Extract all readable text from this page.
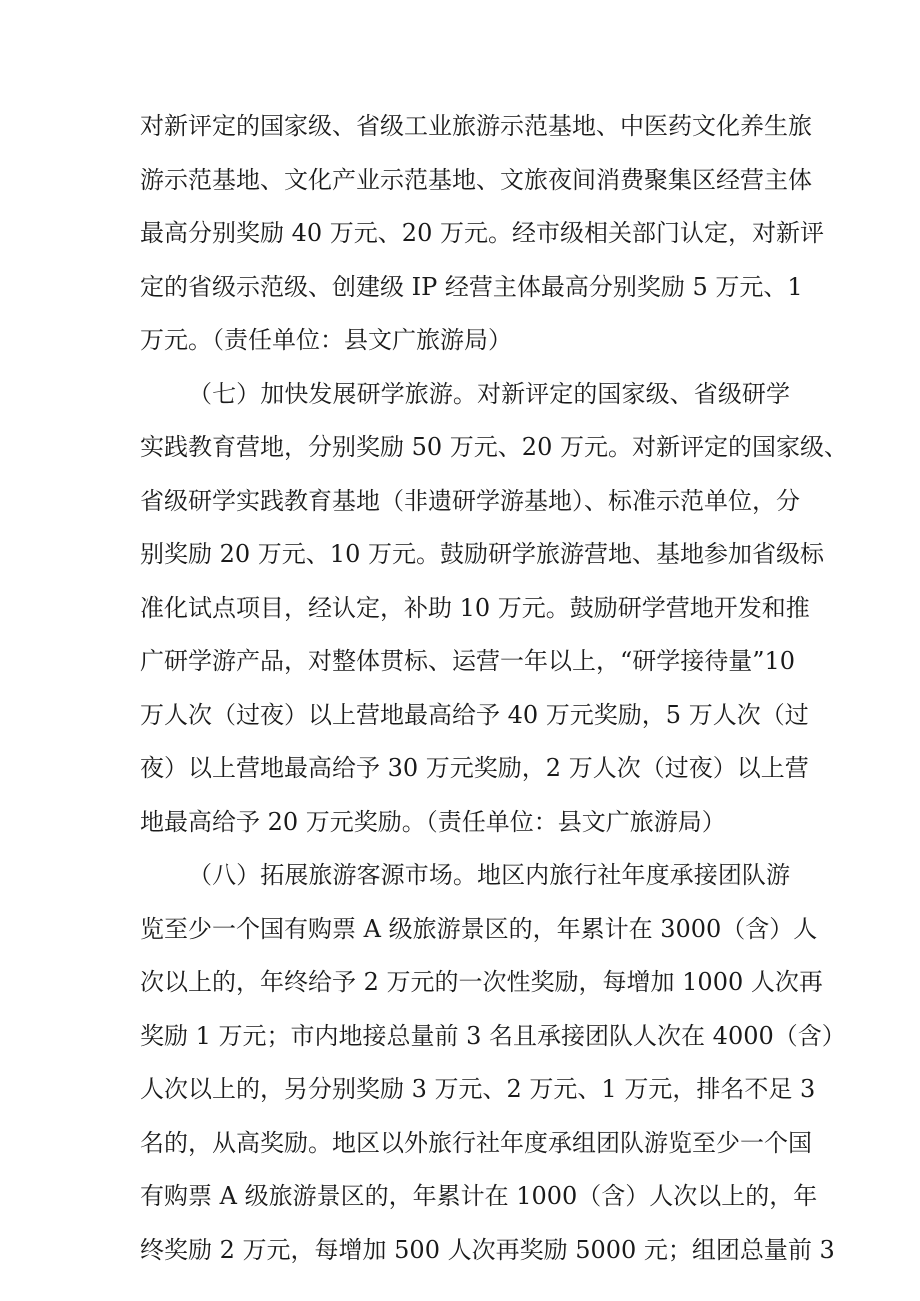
对新评定的国家级、省级工业旅游示范基地、中医药文化养生旅
游示范基地、文化产业示范基地、文旅夜间消费聚集区经营主体
最高分别奖励 40 万元、20 万元。经市级相关部门认定，对新评
定的省级示范级、创建级 IP 经营主体最高分别奖励 5 万元、1
万元。（责任单位：县文广旅游局）

（七）加快发展研学旅游。对新评定的国家级、省级研学
实践教育营地，分别奖励 50 万元、20 万元。对新评定的国家级、
省级研学实践教育基地（非遗研学游基地）、标准示范单位，分
别奖励 20 万元、10 万元。鼓励研学旅游营地、基地参加省级标
准化试点项目，经认定，补助 10 万元。鼓励研学营地开发和推
广研学游产品，对整体贯标、运营一年以上，“研学接待量”10
万人次（过夜）以上营地最高给予 40 万元奖励，5 万人次（过
夜）以上营地最高给予 30 万元奖励，2 万人次（过夜）以上营
地最高给予 20 万元奖励。（责任单位：县文广旅游局）

（八）拓展旅游客源市场。地区内旅行社年度承接团队游
览至少一个国有购票 A 级旅游景区的，年累计在 3000（含）人
次以上的，年终给予 2 万元的一次性奖励，每增加 1000 人次再
奖励 1 万元；市内地接总量前 3 名且承接团队人次在 4000（含）
人次以上的，另分别奖励 3 万元、2 万元、1 万元，排名不足 3
名的，从高奖励。地区以外旅行社年度承组团队游览至少一个国
有购票 A 级旅游景区的，年累计在 1000（含）人次以上的，年
终奖励 2 万元，每增加 500 人次再奖励 5000 元；组团总量前 3
